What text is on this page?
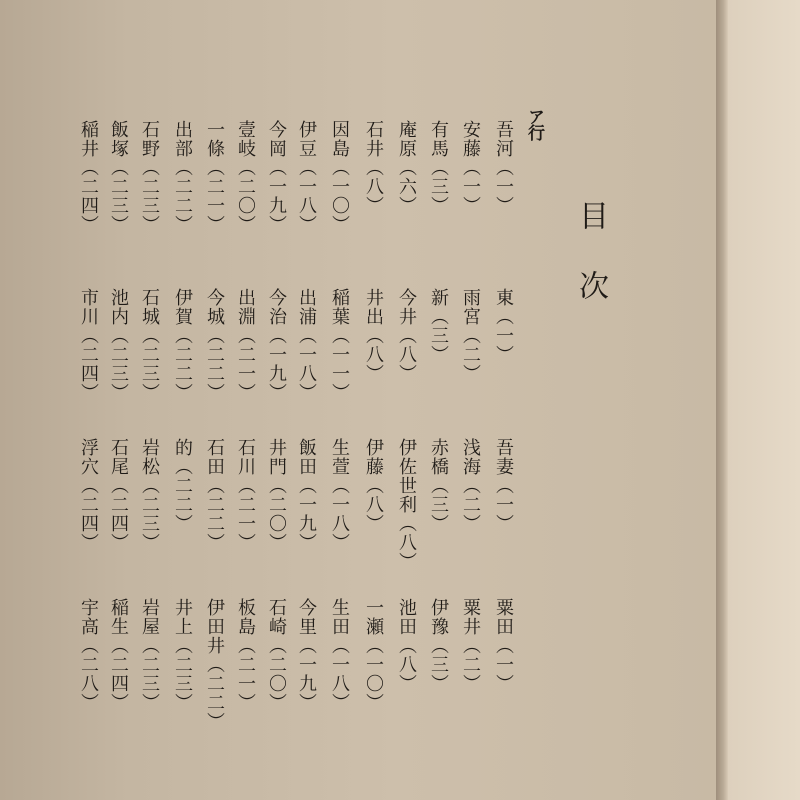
ア行
目次
吾河（一）
東（一）
吾妻（一）
粟田（一）
安藤（一）
雨宮（二）
浅海（二）
粟井（二）
有馬（三）
新（三）
赤橋（三）
伊豫（三）
庵原（六）
今井（八）
伊佐世利（八）
池田（八）
石井（八）
井出（八）
伊藤（八）
一瀬（一〇）
因島（一〇）
稲葉（一一）
生萱（一八）
生田（一八）
伊豆（一八）
出浦（一八）
飯田（一九）
今里（一九）
今岡（一九）
今治（一九）
井門（二〇）
石崎（二〇）
壹岐（二〇）
出淵（二一）
石川（二一）
板島（二一）
一條（二一）
今城（二二）
石田（二二）
伊田井（二二）
出部（二二）
伊賀（二二）
的（二二）
井上（二三）
石野（二三）
石城（二三）
岩松（二三）
岩屋（二三）
飯塚（二三）
池内（二三）
石尾（二四）
稲生（二四）
稲井（二四）
市川（二四）
浮穴（二四）
宇高（二八）
